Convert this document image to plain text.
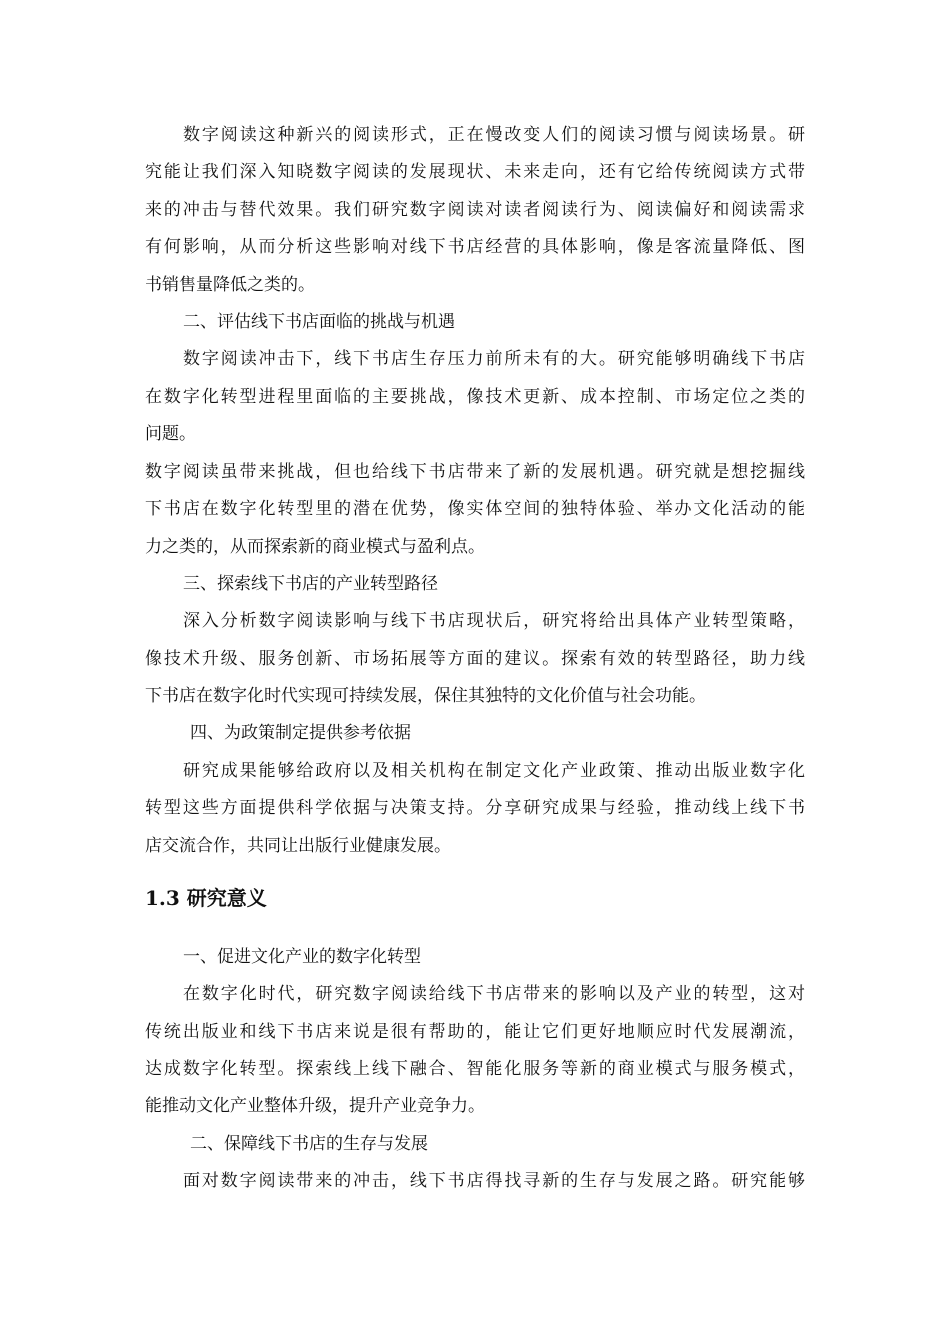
数字阅读这种新兴的阅读形式，正在慢改变人们的阅读习惯与阅读场景。研
究能让我们深入知晓数字阅读的发展现状、未来走向，还有它给传统阅读方式带
来的冲击与替代效果。我们研究数字阅读对读者阅读行为、阅读偏好和阅读需求
有何影响，从而分析这些影响对线下书店经营的具体影响，像是客流量降低、图
书销售量降低之类的。
二、评估线下书店面临的挑战与机遇
数字阅读冲击下，线下书店生存压力前所未有的大。研究能够明确线下书店
在数字化转型进程里面临的主要挑战，像技术更新、成本控制、市场定位之类的
问题。
数字阅读虽带来挑战，但也给线下书店带来了新的发展机遇。研究就是想挖掘线
下书店在数字化转型里的潜在优势，像实体空间的独特体验、举办文化活动的能
力之类的，从而探索新的商业模式与盈利点。
三、探索线下书店的产业转型路径
深入分析数字阅读影响与线下书店现状后，研究将给出具体产业转型策略，
像技术升级、服务创新、市场拓展等方面的建议。探索有效的转型路径，助力线
下书店在数字化时代实现可持续发展，保住其独特的文化价值与社会功能。
四、为政策制定提供参考依据
研究成果能够给政府以及相关机构在制定文化产业政策、推动出版业数字化
转型这些方面提供科学依据与决策支持。分享研究成果与经验，推动线上线下书
店交流合作，共同让出版行业健康发展。
1.3 研究意义
一、促进文化产业的数字化转型
在数字化时代，研究数字阅读给线下书店带来的影响以及产业的转型，这对
传统出版业和线下书店来说是很有帮助的，能让它们更好地顺应时代发展潮流，
达成数字化转型。探索线上线下融合、智能化服务等新的商业模式与服务模式，
能推动文化产业整体升级，提升产业竞争力。
二、保障线下书店的生存与发展
面对数字阅读带来的冲击，线下书店得找寻新的生存与发展之路。研究能够
